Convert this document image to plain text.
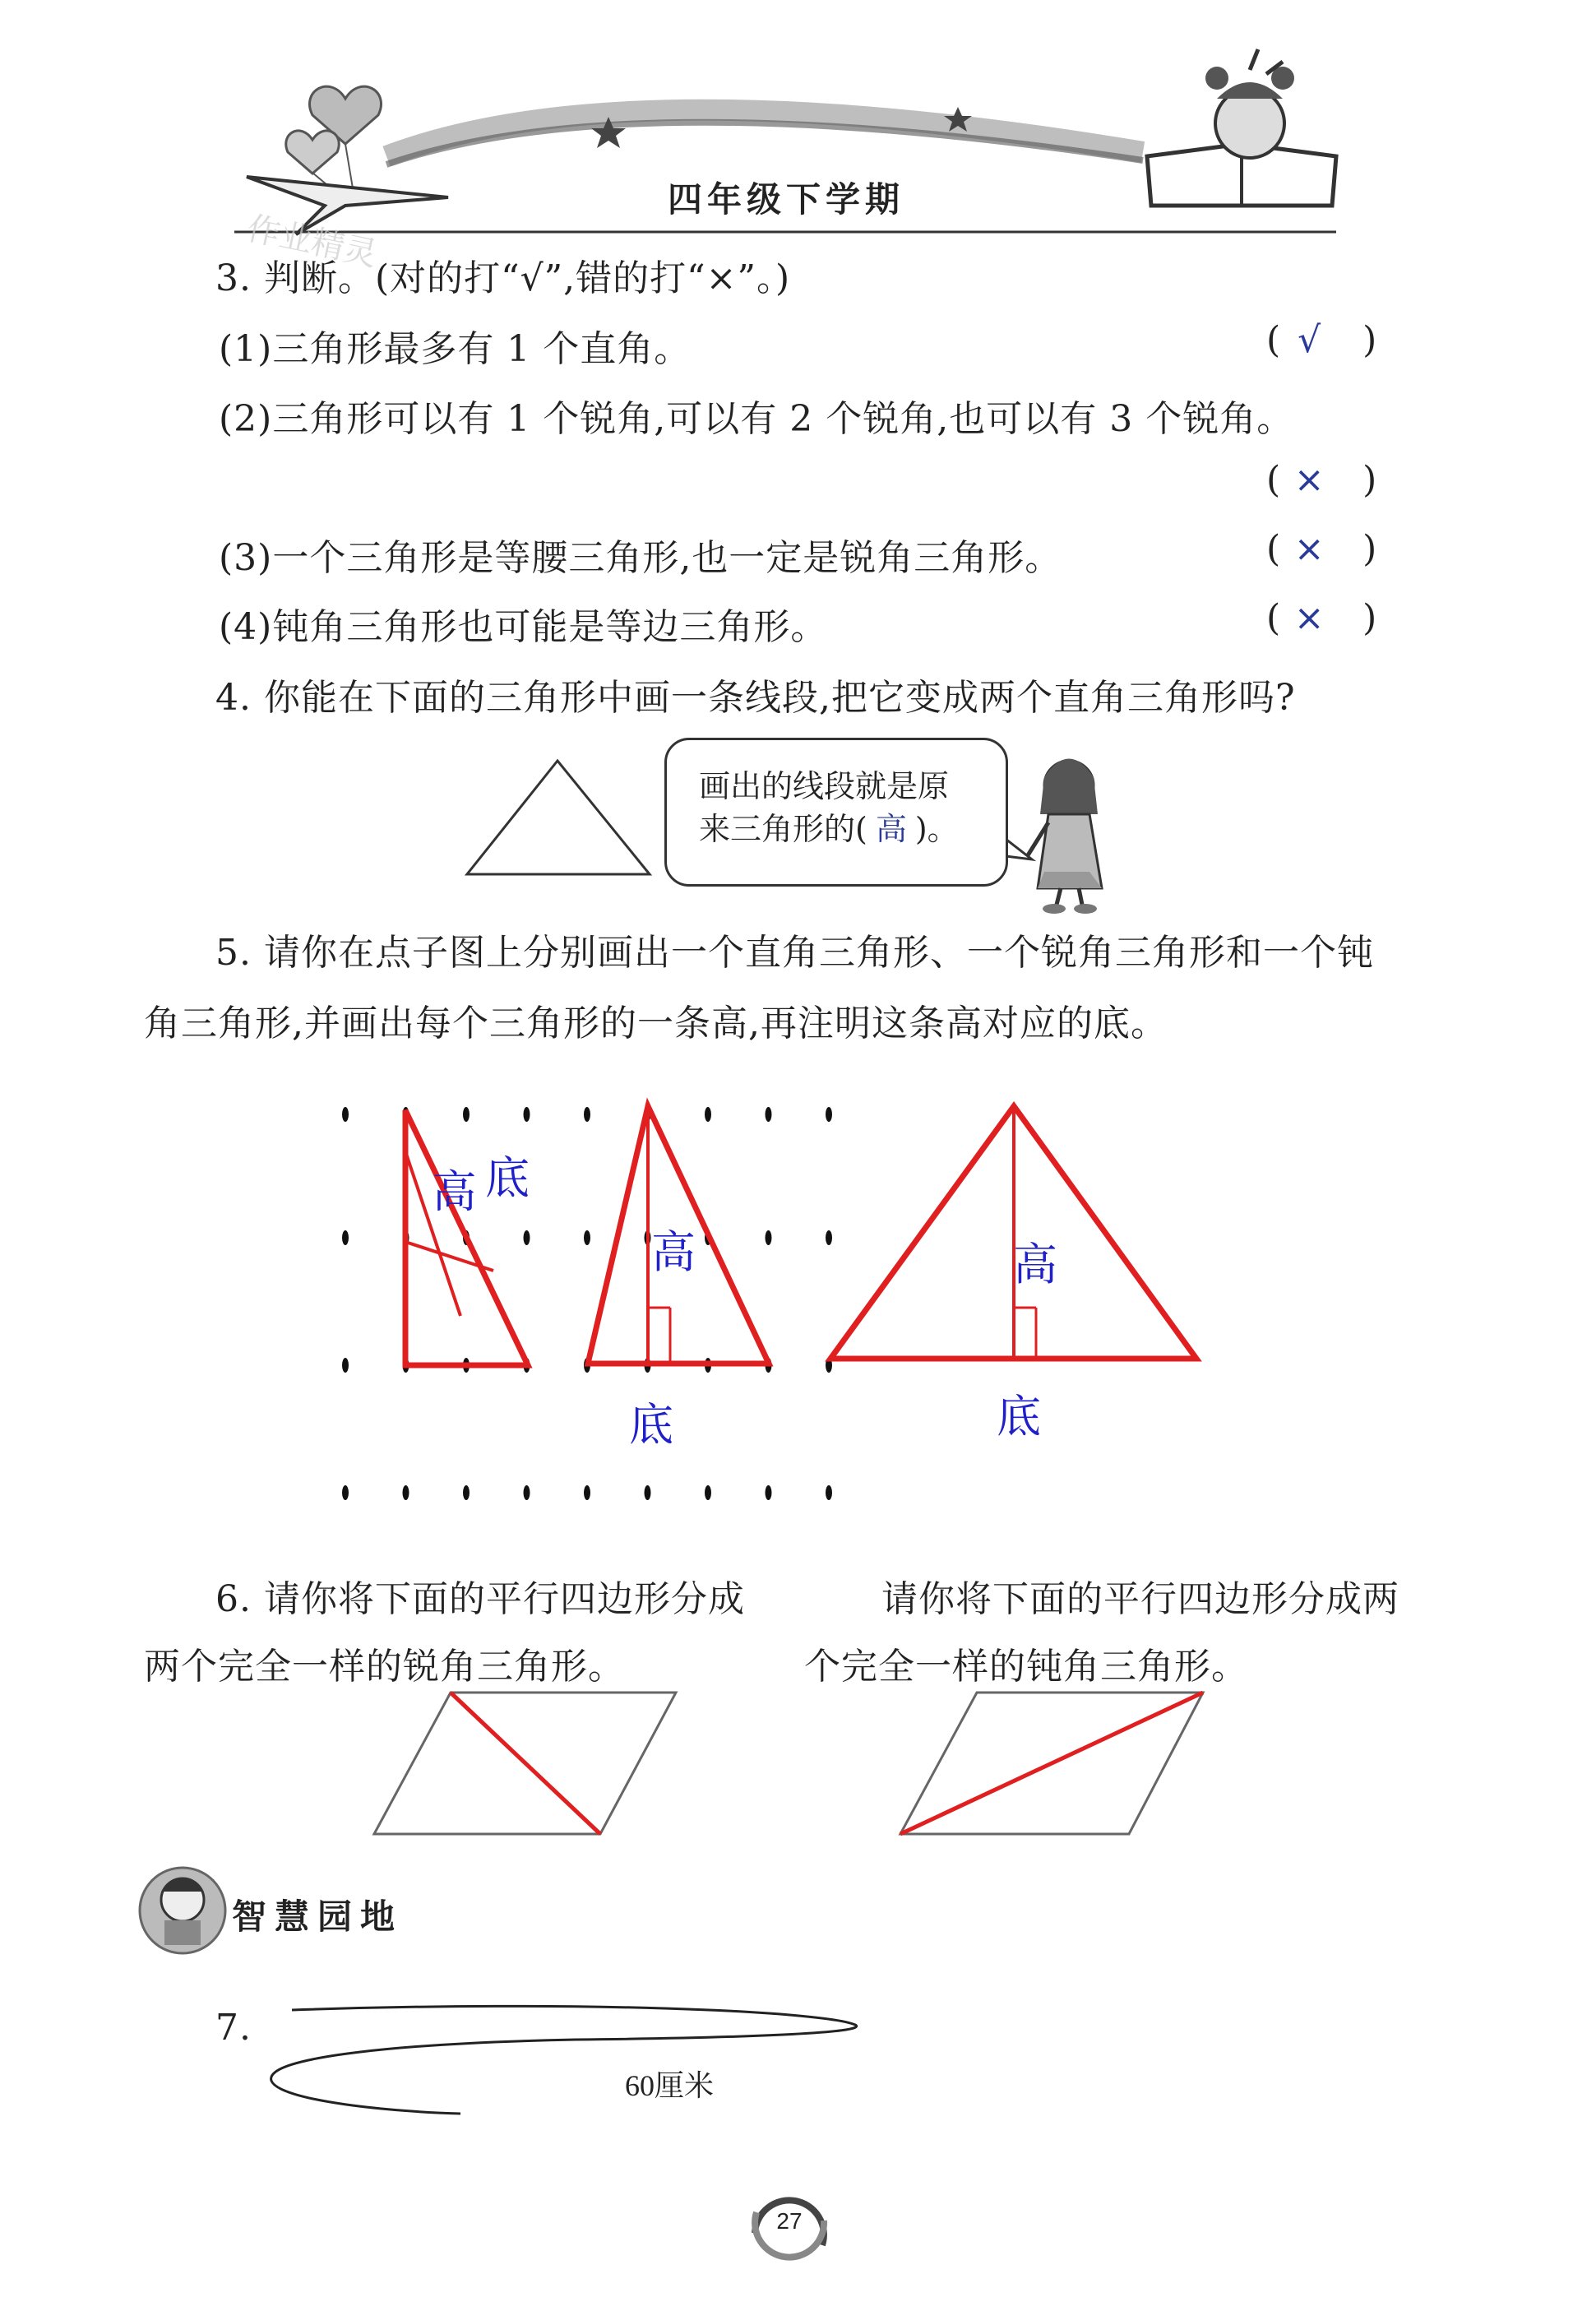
四年级下学期
3. 判断。(对的打“√”,错的打“×”。)
(1)三角形最多有 1 个直角。	( √ )
(2)三角形可以有 1 个锐角,可以有 2 个锐角,也可以有 3 个锐角。
( × )
(3)一个三角形是等腰三角形,也一定是锐角三角形。	( × )
(4)钝角三角形也可能是等边三角形。	( × )
4. 你能在下面的三角形中画一条线段,把它变成两个直角三角形吗?
画出的线段就是原
来三角形的( 高 )。
5. 请你在点子图上分别画出一个直角三角形、一个锐角三角形和一个钝
角三角形,并画出每个三角形的一条高,再注明这条高对应的底。
高 底
高
底
高
底
6. 请你将下面的平行四边形分成
两个完全一样的锐角三角形。
请你将下面的平行四边形分成两
个完全一样的钝角三角形。
智慧园地
7.
60厘米
27
作业精灵
